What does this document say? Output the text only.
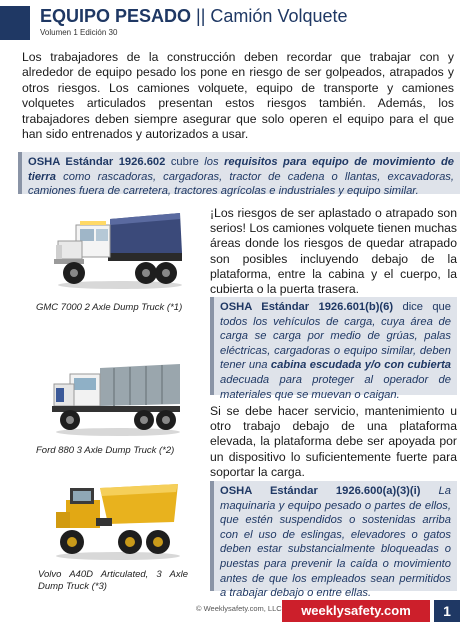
EQUIPO PESADO || Camión Volquete
Volumen 1 Edición 30

Los trabajadores de la construcción deben recordar que trabajar con y alrededor de equipo pesado los pone en riesgo de ser golpeados, atrapados y otros riesgos. Los camiones volquete, equipo de transporte y camiones volquetes articulados presentan estos riesgos también. Además, los trabajadores deben siempre asegurar que solo operen el equipo para el que han sido entrenados y autorizados a usar.

OSHA Estándar 1926.602 cubre los requisitos para equipo de movimiento de tierra como rascadoras, cargadoras, tractor de cadena o llantas, excavadoras, camiones fuera de carretera, tractores agrícolas e industriales y equipo similar.
GMC 7000 2 Axle Dump Truck (*1)

¡Los riesgos de ser aplastado o atrapado son serios! Los camiones volquete tienen muchas áreas donde los riesgos de quedar atrapado son posibles incluyendo debajo de la plataforma, entre la cabina y el cuerpo, la cubierta o la puerta trasera.

OSHA Estándar 1926.601(b)(6) dice que todos los vehículos de carga, cuya área de carga se carga por medio de grúas, palas eléctricas, cargadoras o equipo similar, deben tener una cabina escudada y/o con cubierta adecuada para proteger al operador de materiales que se muevan o caigan.
Ford 880 3 Axle Dump Truck (*2)

Si se debe hacer servicio, mantenimiento u otro trabajo debajo de una plataforma elevada, la plataforma debe ser apoyada por un dispositivo lo suficientemente fuerte para soportar la carga.

Volvo A40D Articulated, 3 Axle Dump Truck (*3)
OSHA Estándar 1926.600(a)(3)(i) La maquinaria y equipo pesado o partes de ellos, que estén suspendidos o sostenidas arriba con el uso de eslingas, elevadores o gatos deben estar substancialmente bloqueadas o puestas para prevenir la caída o movimiento antes de que los empleados sean permitidos a trabajar debajo o entre ellas.
© Weeklysafety.com, LLC	weeklysafety.com	1
